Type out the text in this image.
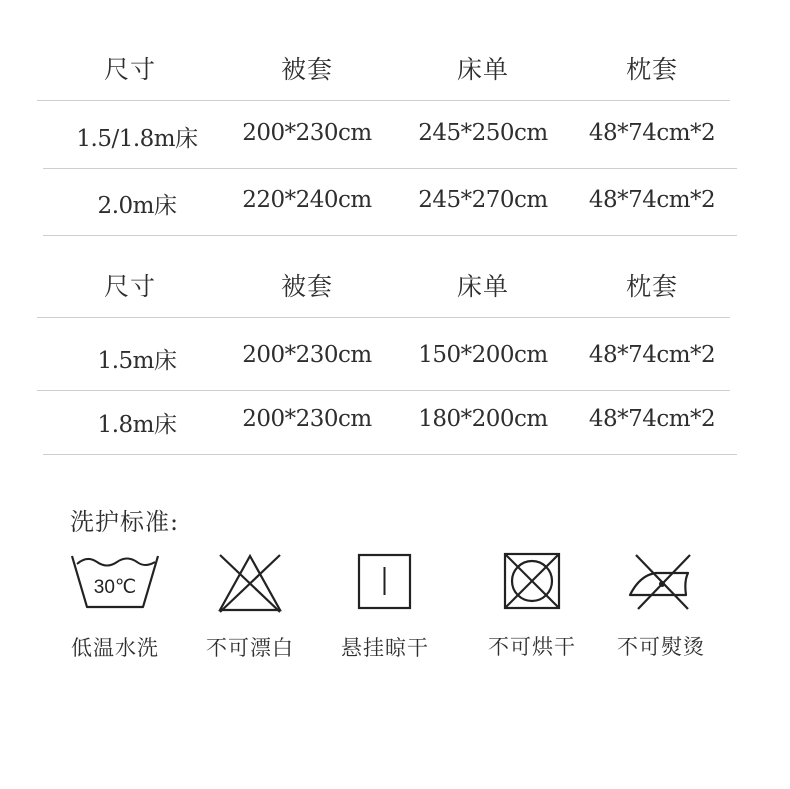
尺寸	被套	床单	枕套
1.5/1.8m床 200*230cm 245*250cm 48*74cm*2
2.0m床	220*240cm 245*270cm 48*74cm*2
尺寸	被套	床单	枕套
1.5m床	200*230cm 150*200cm 48*74cm*2
1.8m床	200*230cm 180*200cm 48*74cm*2
洗护标准:
30℃
低温水洗	不可漂白	悬挂晾干	不可烘干	不可熨烫
